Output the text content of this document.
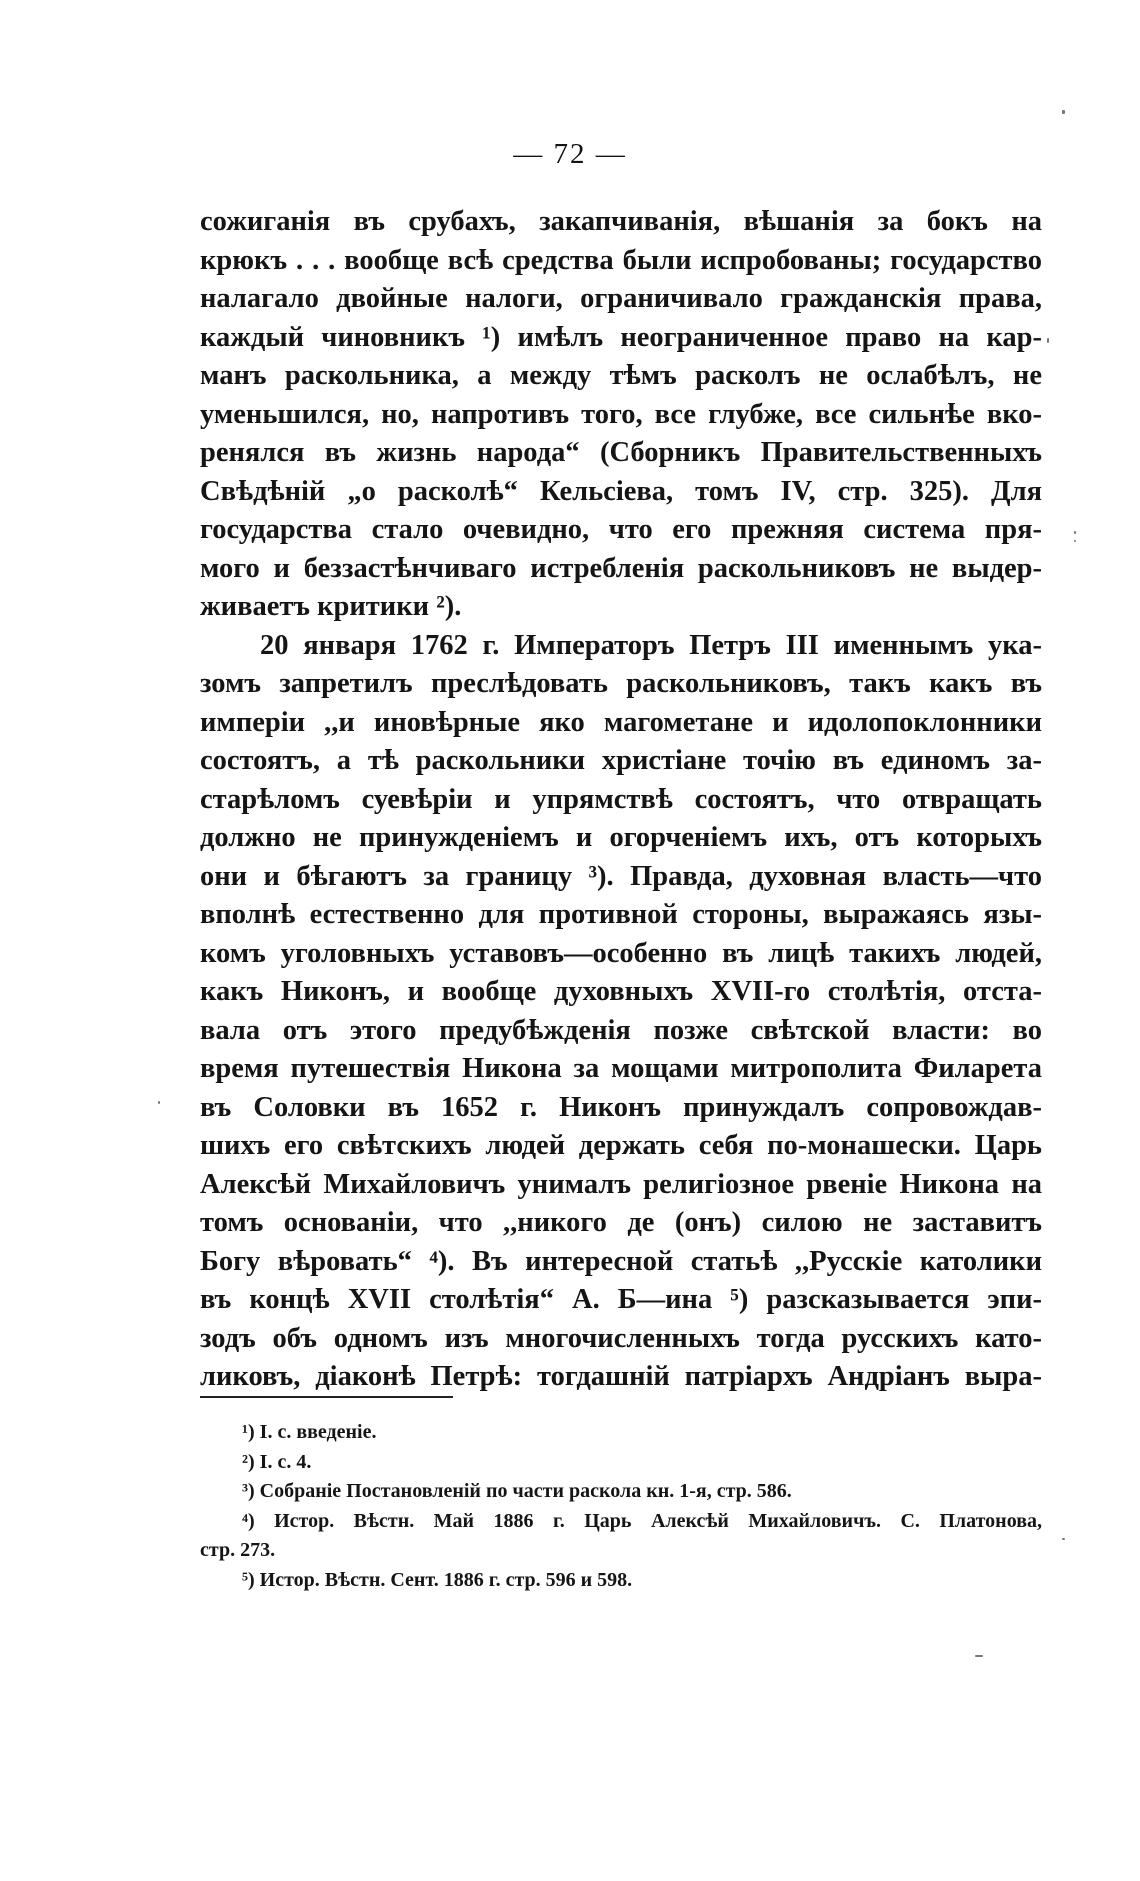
— 72 —
сожиганія въ срубахъ, закапчиванія, вѣшанія за бокъ на
крюкъ . . . вообще всѣ средства были испробованы; государство
налагало двойные налоги, ограничивало гражданскія права,
каждый чиновникъ ¹) имѣлъ неограниченное право на кар-
манъ раскольника, а между тѣмъ расколъ не ослабѣлъ, не
уменьшился, но, напротивъ того, все глубже, все сильнѣе вко-
ренялся въ жизнь народа“ (Сборникъ Правительственныхъ
Свѣдѣній „о расколѣ“ Кельсіева, томъ IV, стр. 325). Для
государства стало очевидно, что его прежняя система пря-
мого и беззастѣнчиваго истребленія раскольниковъ не выдер-
живаетъ критики ²).
20 января 1762 г. Императоръ Петръ III именнымъ ука-
зомъ запретилъ преслѣдовать раскольниковъ, такъ какъ въ
имперіи ,,и иновѣрные яко магометане и идолопоклонники
состоятъ, а тѣ раскольники христіане точію въ единомъ за-
старѣломъ суевѣріи и упрямствѣ состоятъ, что отвращать
должно не принужденіемъ и огорченіемъ ихъ, отъ которыхъ
они и бѣгаютъ за границу ³). Правда, духовная власть—что
вполнѣ естественно для противной стороны, выражаясь язы-
комъ уголовныхъ уставовъ—особенно въ лицѣ такихъ людей,
какъ Никонъ, и вообще духовныхъ XVII-го столѣтія, отста-
вала отъ этого предубѣжденія позже свѣтской власти: во
время путешествія Никона за мощами митрополита Филарета
въ Соловки въ 1652 г. Никонъ принуждалъ сопровождав-
шихъ его свѣтскихъ людей держать себя по-монашески. Царь
Алексѣй Михайловичъ унималъ религіозное рвеніе Никона на
томъ основаніи, что ,,никого де (онъ) силою не заставитъ
Богу вѣровать“ ⁴). Въ интересной статьѣ ,,Русскіе католики
въ концѣ XVII столѣтія“ А. Б—ина ⁵) разсказывается эпи-
зодъ объ одномъ изъ многочисленныхъ тогда русскихъ като-
ликовъ, діаконѣ Петрѣ: тогдашній патріархъ Андріанъ выра-
¹) I. с. введеніе.
²) I. с. 4.
³) Собраніе Постановленій по части раскола кн. 1-я, стр. 586.
⁴) Истор. Вѣстн. Май 1886 г. Царь Алексѣй Михайловичъ. С. Платонова,
стр. 273.
⁵) Истор. Вѣстн. Сент. 1886 г. стр. 596 и 598.
